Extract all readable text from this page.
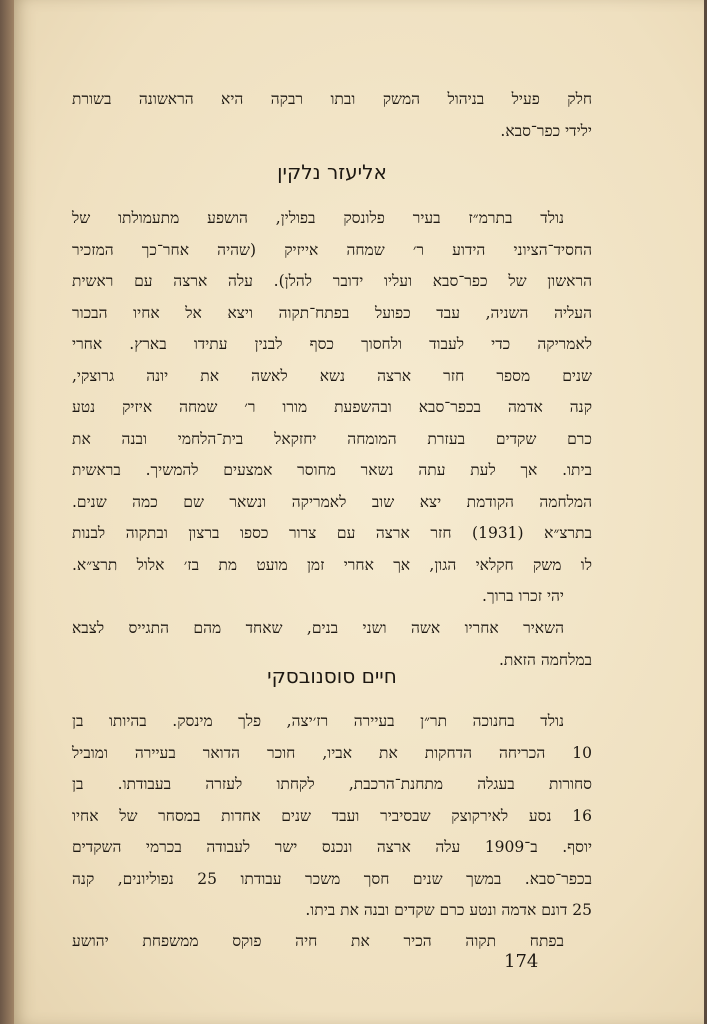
חלק פעיל בניהול המשק ובתו רבקה היא הראשונה בשורת
ילידי כפר־סבא.
אליעזר נלקין
נולד בתרמ״ז בעיר פלונסק בפולין, הושפע מתעמולתו של
החסיד־הציוני הידוע ר׳ שמחה אייזיק (שהיה אחר־כך המזכיר
הראשון של כפר־סבא ועליו ידובר להלן). עלה ארצה עם ראשית
העליה השניה, עבד כפועל בפתח־תקוה ויצא אל אחיו הבכור
לאמריקה כדי לעבוד ולחסוך כסף לבנין עתידו בארץ. אחרי
שנים מספר חזר ארצה נשא לאשה את יונה גרוצקי,
קנה אדמה בכפר־סבא ובהשפעת מורו ר׳ שמחה איזיק נטע
כרם שקדים בעזרת המומחה יחזקאל בית־הלחמי ובנה את
ביתו. אך לעת עתה נשאר מחוסר אמצעים להמשיך. בראשית
המלחמה הקודמת יצא שוב לאמריקה ונשאר שם כמה שנים.
בתרצ״א (1931) חזר ארצה עם צרור כספו ברצון ובתקוה לבנות
לו משק חקלאי הגון, אך אחרי זמן מועט מת בז׳ אלול תרצ״א.
יהי זכרו ברוך.
השאיר אחריו אשה ושני בנים, שאחד מהם התגייס לצבא
במלחמה הזאת.
חיים סוסנובסקי
נולד בחנוכה תר״ן בעיירה רז׳יצה, פלך מינסק. בהיותו בן
10 הכריחה הדחקות את אביו, חוכר הדואר בעיירה ומוביל
סחורות בעגלה מתחנת־הרכבת, לקחתו לעזרה בעבודתו. בן
16 נסע לאירקוצק שבסיביר ועבד שנים אחדות במסחר של אחיו
יוסף. ב־1909 עלה ארצה ונכנס ישר לעבודה בכרמי השקדים
בכפר־סבא. במשך שנים חסך משכר עבודתו 25 נפוליונים, קנה
25 דונם אדמה ונטע כרם שקדים ובנה את ביתו.
בפתח תקוה הכיר את חיה פוקס ממשפחת יהושע
174
